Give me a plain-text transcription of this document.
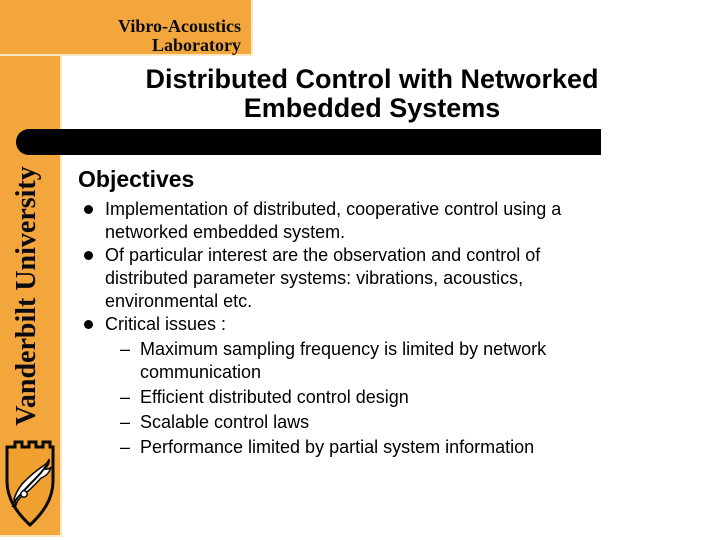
Vibro-Acoustics
Laboratory
Distributed Control with Networked
Embedded Systems
Vanderbilt University Objectives
Implementation of distributed, cooperative control using a networked embedded system.
Of particular interest are the observation and control of distributed parameter systems: vibrations, acoustics, environmental etc.
Critical issues :
– Maximum sampling frequency is limited by network communication
– Efficient distributed control design
– Scalable control laws
– Performance limited by partial system information
